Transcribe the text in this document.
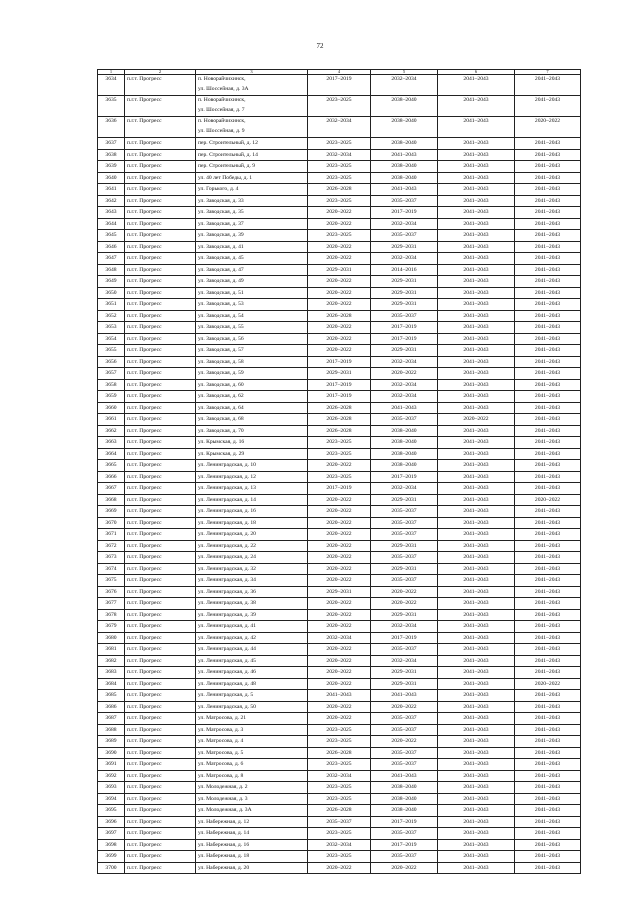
72
1	2	3	4	5	6	7
3634	п.г.т. Прогресс	п. Новорайчихинск,
ул. Шоссейная, д. 3А	2017–2019	2032–2034	2041–2043	2041–2043
3635	п.г.т. Прогресс	п. Новорайчихинск,
ул. Шоссейная, д. 7	2023–2025	2038–2040	2041–2043	2041–2043
3636	п.г.т. Прогресс	п. Новорайчихинск,
ул. Шоссейная, д. 9	2032–2034	2038–2040	2041–2043	2020–2022
3637	п.г.т. Прогресс	пер. Строительный, д. 12	2023–2025	2038–2040	2041–2043	2041–2043
3638	п.г.т. Прогресс	пер. Строительный, д. 14	2032–2034	2041–2043	2041–2043	2041–2043
3639	п.г.т. Прогресс	пер. Строительный, д. 9	2023–2025	2038–2040	2041–2043	2041–2043
3640	п.г.т. Прогресс	ул. 40 лет Победы, д. 1	2023–2025	2038–2040	2041–2043	2041–2043
3641	п.г.т. Прогресс	ул. Горького, д. 4	2026–2028	2041–2043	2041–2043	2041–2043
3642	п.г.т. Прогресс	ул. Заводская, д. 33	2023–2025	2035–2037	2041–2043	2041–2043
3643	п.г.т. Прогресс	ул. Заводская, д. 35	2020–2022	2017–2019	2041–2043	2041–2043
3644	п.г.т. Прогресс	ул. Заводская, д. 37	2020–2022	2032–2034	2041–2043	2041–2043
3645	п.г.т. Прогресс	ул. Заводская, д. 39	2023–2025	2035–2037	2041–2043	2041–2043
3646	п.г.т. Прогресс	ул. Заводская, д. 41	2020–2022	2029–2031	2041–2043	2041–2043
3647	п.г.т. Прогресс	ул. Заводская, д. 45	2020–2022	2032–2034	2041–2043	2041–2043
3648	п.г.т. Прогресс	ул. Заводская, д. 47	2029–2031	2014–2016	2041–2043	2041–2043
3649	п.г.т. Прогресс	ул. Заводская, д. 49	2020–2022	2029–2031	2041–2043	2041–2043
3650	п.г.т. Прогресс	ул. Заводская, д. 51	2020–2022	2029–2031	2041–2043	2041–2043
3651	п.г.т. Прогресс	ул. Заводская, д. 53	2020–2022	2029–2031	2041–2043	2041–2043
3652	п.г.т. Прогресс	ул. Заводская, д. 54	2026–2028	2035–2037	2041–2043	2041–2043
3653	п.г.т. Прогресс	ул. Заводская, д. 55	2020–2022	2017–2019	2041–2043	2041–2043
3654	п.г.т. Прогресс	ул. Заводская, д. 56	2020–2022	2017–2019	2041–2043	2041–2043
3655	п.г.т. Прогресс	ул. Заводская, д. 57	2020–2022	2029–2031	2041–2043	2041–2043
3656	п.г.т. Прогресс	ул. Заводская, д. 58	2017–2019	2032–2034	2041–2043	2041–2043
3657	п.г.т. Прогресс	ул. Заводская, д. 59	2029–2031	2020–2022	2041–2043	2041–2043
3658	п.г.т. Прогресс	ул. Заводская, д. 60	2017–2019	2032–2034	2041–2043	2041–2043
3659	п.г.т. Прогресс	ул. Заводская, д. 62	2017–2019	2032–2034	2041–2043	2041–2043
3660	п.г.т. Прогресс	ул. Заводская, д. 64	2026–2028	2041–2043	2041–2043	2041–2043
3661	п.г.т. Прогресс	ул. Заводская, д. 68	2026–2028	2035–2037	2020–2022	2041–2043
3662	п.г.т. Прогресс	ул. Заводская, д. 70	2026–2028	2038–2040	2041–2043	2041–2043
3663	п.г.т. Прогресс	ул. Крымская, д. 16	2023–2025	2038–2040	2041–2043	2041–2043
3664	п.г.т. Прогресс	ул. Крымская, д. 29	2023–2025	2038–2040	2041–2043	2041–2043
3665	п.г.т. Прогресс	ул. Ленинградская, д. 10	2020–2022	2038–2040	2041–2043	2041–2043
3666	п.г.т. Прогресс	ул. Ленинградская, д. 12	2023–2025	2017–2019	2041–2043	2041–2043
3667	п.г.т. Прогресс	ул. Ленинградская, д. 13	2017–2019	2032–2034	2041–2043	2041–2043
3668	п.г.т. Прогресс	ул. Ленинградская, д. 14	2020–2022	2029–2031	2041–2043	2020–2022
3669	п.г.т. Прогресс	ул. Ленинградская, д. 16	2020–2022	2035–2037	2041–2043	2041–2043
3670	п.г.т. Прогресс	ул. Ленинградская, д. 18	2020–2022	2035–2037	2041–2043	2041–2043
3671	п.г.т. Прогресс	ул. Ленинградская, д. 20	2020–2022	2035–2037	2041–2043	2041–2043
3672	п.г.т. Прогресс	ул. Ленинградская, д. 22	2020–2022	2029–2031	2041–2043	2041–2043
3673	п.г.т. Прогресс	ул. Ленинградская, д. 24	2020–2022	2035–2037	2041–2043	2041–2043
3674	п.г.т. Прогресс	ул. Ленинградская, д. 32	2020–2022	2029–2031	2041–2043	2041–2043
3675	п.г.т. Прогресс	ул. Ленинградская, д. 34	2020–2022	2035–2037	2041–2043	2041–2043
3676	п.г.т. Прогресс	ул. Ленинградская, д. 36	2029–2031	2020–2022	2041–2043	2041–2043
3677	п.г.т. Прогресс	ул. Ленинградская, д. 38	2020–2022	2020–2022	2041–2043	2041–2043
3678	п.г.т. Прогресс	ул. Ленинградская, д. 39	2020–2022	2029–2031	2041–2043	2041–2043
3679	п.г.т. Прогресс	ул. Ленинградская, д. 41	2020–2022	2032–2034	2041–2043	2041–2043
3680	п.г.т. Прогресс	ул. Ленинградская, д. 42	2032–2034	2017–2019	2041–2043	2041–2043
3681	п.г.т. Прогресс	ул. Ленинградская, д. 44	2020–2022	2035–2037	2041–2043	2041–2043
3682	п.г.т. Прогресс	ул. Ленинградская, д. 45	2020–2022	2032–2034	2041–2043	2041–2043
3683	п.г.т. Прогресс	ул. Ленинградская, д. 46	2020–2022	2029–2031	2041–2043	2041–2043
3684	п.г.т. Прогресс	ул. Ленинградская, д. 48	2020–2022	2029–2031	2041–2043	2020–2022
3685	п.г.т. Прогресс	ул. Ленинградская, д. 5	2041–2043	2041–2043	2041–2043	2041–2043
3686	п.г.т. Прогресс	ул. Ленинградская, д. 50	2020–2022	2020–2022	2041–2043	2041–2043
3687	п.г.т. Прогресс	ул. Матросова, д. 21	2020–2022	2035–2037	2041–2043	2041–2043
3688	п.г.т. Прогресс	ул. Матросова, д. 3	2023–2025	2035–2037	2041–2043	2041–2043
3689	п.г.т. Прогресс	ул. Матросова, д. 4	2023–2025	2020–2022	2041–2043	2041–2043
3690	п.г.т. Прогресс	ул. Матросова, д. 5	2026–2028	2035–2037	2041–2043	2041–2043
3691	п.г.т. Прогресс	ул. Матросова, д. 6	2023–2025	2035–2037	2041–2043	2041–2043
3692	п.г.т. Прогресс	ул. Матросова, д. 8	2032–2034	2041–2043	2041–2043	2041–2043
3693	п.г.т. Прогресс	ул. Молодежная, д. 2	2023–2025	2038–2040	2041–2043	2041–2043
3694	п.г.т. Прогресс	ул. Молодежная, д. 3	2023–2025	2038–2040	2041–2043	2041–2043
3695	п.г.т. Прогресс	ул. Молодежная, д. 3А	2026–2028	2038–2040	2041–2043	2041–2043
3696	п.г.т. Прогресс	ул. Набережная, д. 12	2035–2037	2017–2019	2041–2043	2041–2043
3697	п.г.т. Прогресс	ул. Набережная, д. 14	2023–2025	2035–2037	2041–2043	2041–2043
3698	п.г.т. Прогресс	ул. Набережная, д. 16	2032–2034	2017–2019	2041–2043	2041–2043
3699	п.г.т. Прогресс	ул. Набережная, д. 18	2023–2025	2035–2037	2041–2043	2041–2043
3700	п.г.т. Прогресс	ул. Набережная, д. 20	2020–2022	2020–2022	2041–2043	2041–2043
